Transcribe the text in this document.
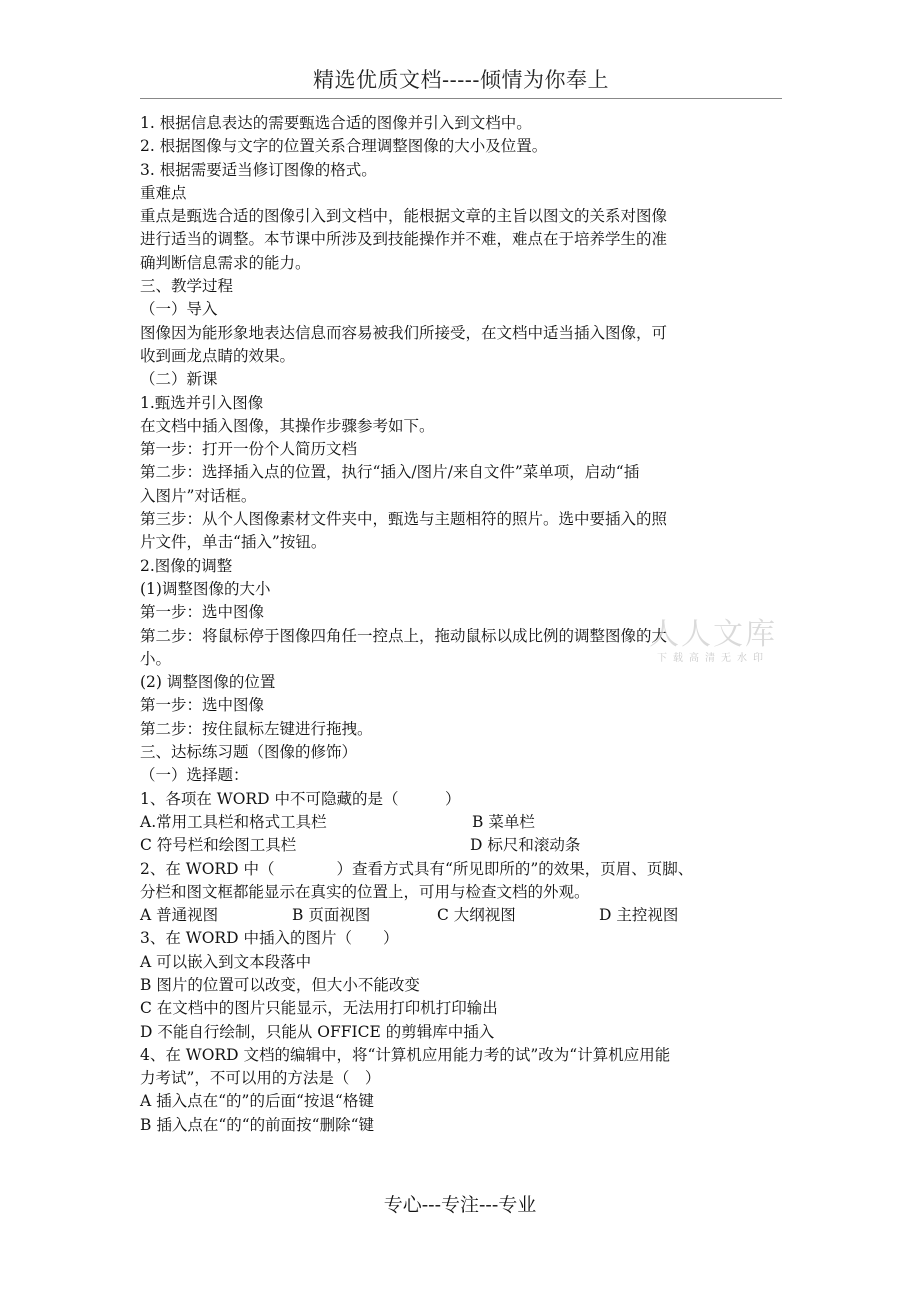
精选优质文档-----倾情为你奉上
1. 根据信息表达的需要甄选合适的图像并引入到文档中。
2. 根据图像与文字的位置关系合理调整图像的大小及位置。
3. 根据需要适当修订图像的格式。
重难点
重点是甄选合适的图像引入到文档中，能根据文章的主旨以图文的关系对图像
进行适当的调整。本节课中所涉及到技能操作并不难，难点在于培养学生的准
确判断信息需求的能力。
三、教学过程
（一）导入
图像因为能形象地表达信息而容易被我们所接受，在文档中适当插入图像，可
收到画龙点睛的效果。
（二）新课
1.甄选并引入图像
在文档中插入图像，其操作步骤参考如下。
第一步：打开一份个人简历文档
第二步：选择插入点的位置，执行“插入/图片/来自文件”菜单项，启动“插
入图片”对话框。
第三步：从个人图像素材文件夹中，甄选与主题相符的照片。选中要插入的照
片文件，单击“插入”按钮。
2.图像的调整
(1)调整图像的大小
第一步：选中图像
第二步：将鼠标停于图像四角任一控点上，拖动鼠标以成比例的调整图像的大
小。
(2) 调整图像的位置
第一步：选中图像
第二步：按住鼠标左键进行拖拽。
三、达标练习题（图像的修饰）
（一）选择题：
1、各项在 WORD 中不可隐藏的是（　　　）
A.常用工具栏和格式工具栏	B 菜单栏
C 符号栏和绘图工具栏	D 标尺和滚动条
2、在 WORD 中（　　　　）查看方式具有“所见即所的”的效果，页眉、页脚、
分栏和图文框都能显示在真实的位置上，可用与检查文档的外观。
A 普通视图	B 页面视图	C 大纲视图	D 主控视图
3、在 WORD 中插入的图片（　　）
A 可以嵌入到文本段落中
B 图片的位置可以改变，但大小不能改变
C 在文档中的图片只能显示，无法用打印机打印输出
D 不能自行绘制，只能从 OFFICE 的剪辑库中插入
4、在 WORD 文档的编辑中，将“计算机应用能力考的试”改为“计算机应用能
力考试”，不可以用的方法是（　）
A 插入点在“的”的后面“按退“格键
B 插入点在“的“的前面按“删除“键
人人文库
下载高清无水印
专心---专注---专业
